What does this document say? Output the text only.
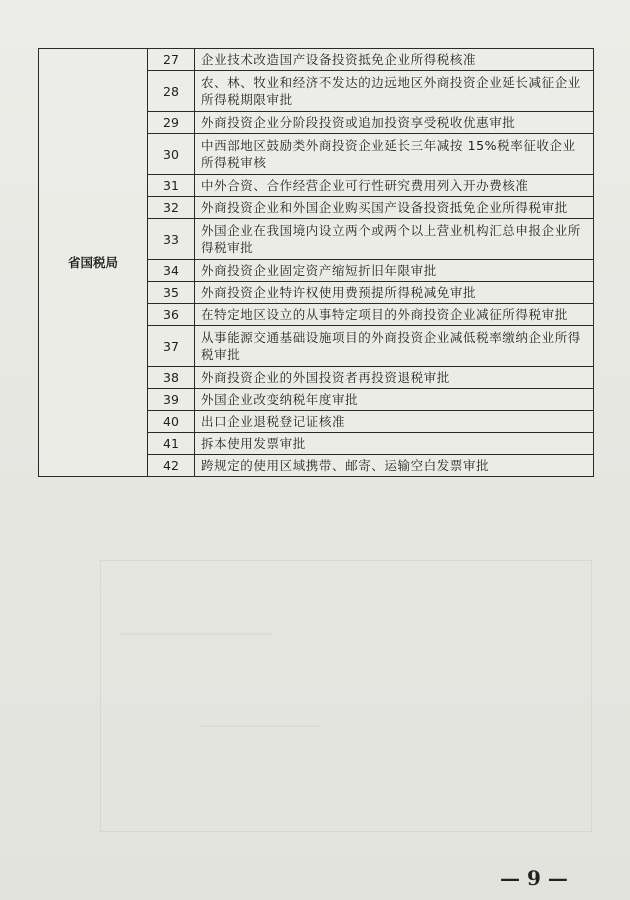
───────────────────────
──────────────────
省国税局	27	企业技术改造国产设备投资抵免企业所得税核准
	28	农、林、牧业和经济不发达的边远地区外商投资企业延长减征企业所得税期限审批
	29	外商投资企业分阶段投资或追加投资享受税收优惠审批
	30	中西部地区鼓励类外商投资企业延长三年减按 15%税率征收企业所得税审核
	31	中外合资、合作经营企业可行性研究费用列入开办费核准
	32	外商投资企业和外国企业购买国产设备投资抵免企业所得税审批
	33	外国企业在我国境内设立两个或两个以上营业机构汇总申报企业所得税审批
	34	外商投资企业固定资产缩短折旧年限审批
	35	外商投资企业特许权使用费预提所得税减免审批
	36	在特定地区设立的从事特定项目的外商投资企业减征所得税审批
	37	从事能源交通基础设施项目的外商投资企业减低税率缴纳企业所得税审批
	38	外商投资企业的外国投资者再投资退税审批
	39	外国企业改变纳税年度审批
	40	出口企业退税登记证核准
	41	拆本使用发票审批
	42	跨规定的使用区域携带、邮寄、运输空白发票审批
— 9 —
